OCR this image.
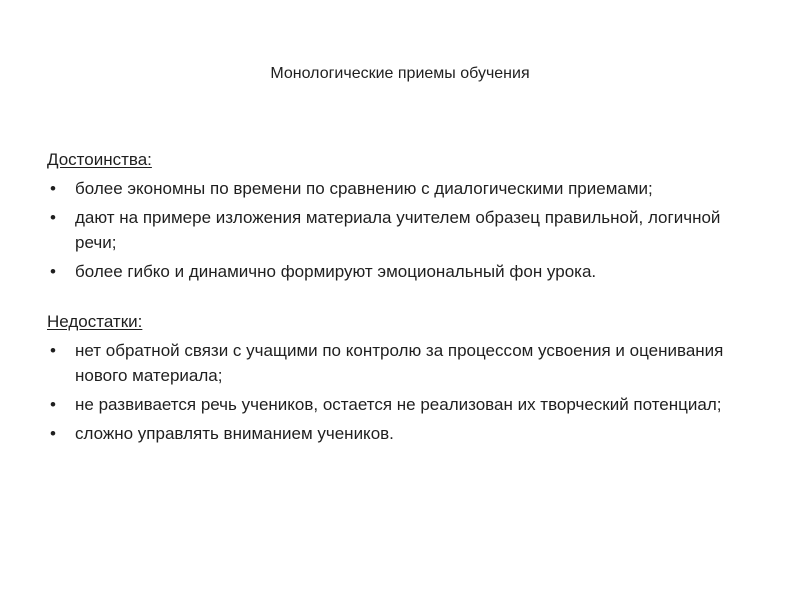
Монологические приемы обучения
Достоинства:
• более экономны по времени по сравнению с диалогическими приемами;
• дают на примере изложения материала учителем образец правильной, логичной речи;
• более гибко и динамично формируют эмоциональный фон урока.
Недостатки:
• нет обратной связи с учащими по контролю за процессом усвоения и оценивания нового материала;
• не развивается речь учеников, остается не реализован их творческий потенциал;
• сложно управлять вниманием учеников.
